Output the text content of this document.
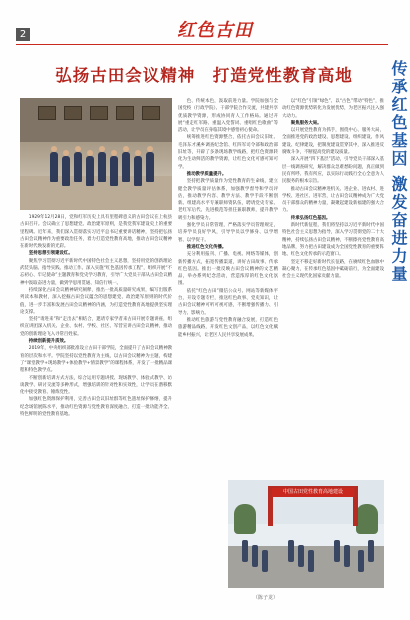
2	红色古田
弘扬古田会议精神　打造党性教育高地

1929年12月28日，党和红军历史上具有里程碑意义的古田会议在上杭县古田召开。会议确立了思想建党、政治建军原则，是我党我军建设史上的重要里程碑。近年来，我们深入贯彻落实习近平总书记重要讲话精神，坚持把弘扬古田会议精神作为重要政治任务，着力打造党性教育高地，推动古田会议精神在新时代焕发新的光彩。

坚持思想引领建设红。

聚焦学习贯彻习近平新时代中国特色社会主义思想，坚持用党的创新理论武装头脑、指导实践、推动工作。深入实施“红色基因传承工程”，组织开展“不忘初心、牢记使命”主题教育和党史学习教育，引导广大党员干部从古田会议精神中汲取奋进力量，做到学思用贯通、知信行统一。

持续深化古田会议精神研究阐释，推出一批高质量研究成果，编写出版系列读本和教材，深入挖掘古田会议蕴含的思想建党、政治建军原则的时代价值，进一步丰富和发展古田会议精神的内涵，为打造党性教育高地提供坚实理论支撑。

坚持“请进来”和“走出去”相结合，邀请专家学者来古田开展专题讲座，组织宣讲团深入机关、企业、农村、学校、社区、军营宣讲古田会议精神，推动党的创新理论飞入寻常百姓家。

持续创新提升质效。

2019年，中央组织部批准设立古田干部学院，全面提升了古田会议精神教育的层次和水平。学院坚持以党性教育为主线，以古田会议精神为主题，构建了“课堂教学+现场教学+体验教学+情景教学”的课程体系，开发了一批精品课程和特色教学点。

不断创新培训方式方法，综合运用专题讲授、现场教学、体验式教学、访谈教学、研讨交流等多种形式，增强培训的针对性和实效性，让学员在潜移默化中接受教育、锤炼党性。

加强红色资源保护利用，完善古田会议旧址群等红色遗址保护修缮，提升纪念场馆展陈水平，推动红色资源与党性教育深度融合，打造一批功能齐全、特色鲜明的党性教育基地。

色、传统本色，汲取前进力量。学院加强与全国党校（行政学院）、干部学院合作交流，共建共享优质教学资源，形成协同育人工作格局。通过开展“重走红军路、重温入党誓词、重唱红色歌曲”等活动，让学员在身临其境中感悟初心使命。

统筹推进红色资源整合，依托古田会议旧址、毛泽东才溪乡调查纪念馆、红四军司令部和政治部旧址等，开辟了多条现场教学线路，把红色资源转化为生动鲜活的教学资源，让红色文化可感可知可学。

推动教学质量提升。

坚持把教学质量作为党性教育的生命线，建立健全教学质量评估体系，加强教学督导和学员评估，推动教学内容、教学方法、教学手段不断创新。组建高水平专兼职师资队伍，聘请党史专家、老红军后代、先进模范等担任兼职教师，提升教学吸引力和感染力。

强化学员日常管理，严格落实学员管理规定，培养学员良好学风，引导学员以学修身、以学增智、以学促干。

推进红色文化传播。

充分利用报刊、广播、电视、网络等媒体，创新传播方式，拓宽传播渠道，讲好古田故事、传承红色基因。推出一批反映古田会议精神的文艺精品，举办系列纪念活动，营造浓厚的红色文化氛围。

依托“红色古田”微信公众号、网站等新媒体平台，开设专题专栏，推送红色故事、党史知识，让古田会议精神可听可视可感，不断增强传播力、引导力、影响力。

推动红色旅游与党性教育融合发展，打造红色旅游精品线路，开发红色文创产品，以红色文化赋能乡村振兴，让老区人民共享发展成果。

以“红色”引领“绿色”、以“古色”带动“特色”，推动红色资源优势转化为发展优势，为老区振兴注入强大动力。

聚焦服务大局。

以开展党性教育为抓手，围绕中心、服务大局，全面推进党的政治建设、思想建设、组织建设、作风建设、纪律建设，把制度建设贯穿其中，深入推进反腐败斗争，不断提高党的建设质量。

深入开展“四下基层”活动，引导党员干部深入基层一线调查研究，解决群众急难愁盼问题，真正做到民有所呼、我有所应，以实际行动践行全心全意为人民服务的根本宗旨。

推动古田会议精神进机关、进企业、进农村、进学校、进社区、进军营，让古田会议精神成为广大党员干部群众的精神力量，凝聚起建设新福建的强大合力。

传承弘扬红色基因。

新时代新征程，我们将坚持以习近平新时代中国特色社会主义思想为指导，深入学习贯彻党的二十大精神，持续弘扬古田会议精神，不断擦亮党性教育高地品牌，努力把古田建设成为全国党性教育的重要阵地、红色文化传承的示范窗口。

坚定不移走好新时代长征路，在赓续红色血脉中凝心聚力，在传承红色基因中砥砺前行，为全面建设社会主义现代化国家贡献力量。

（陈子龙）
中国古田党性教育高地建设
传承红色基因 激发奋进力量
